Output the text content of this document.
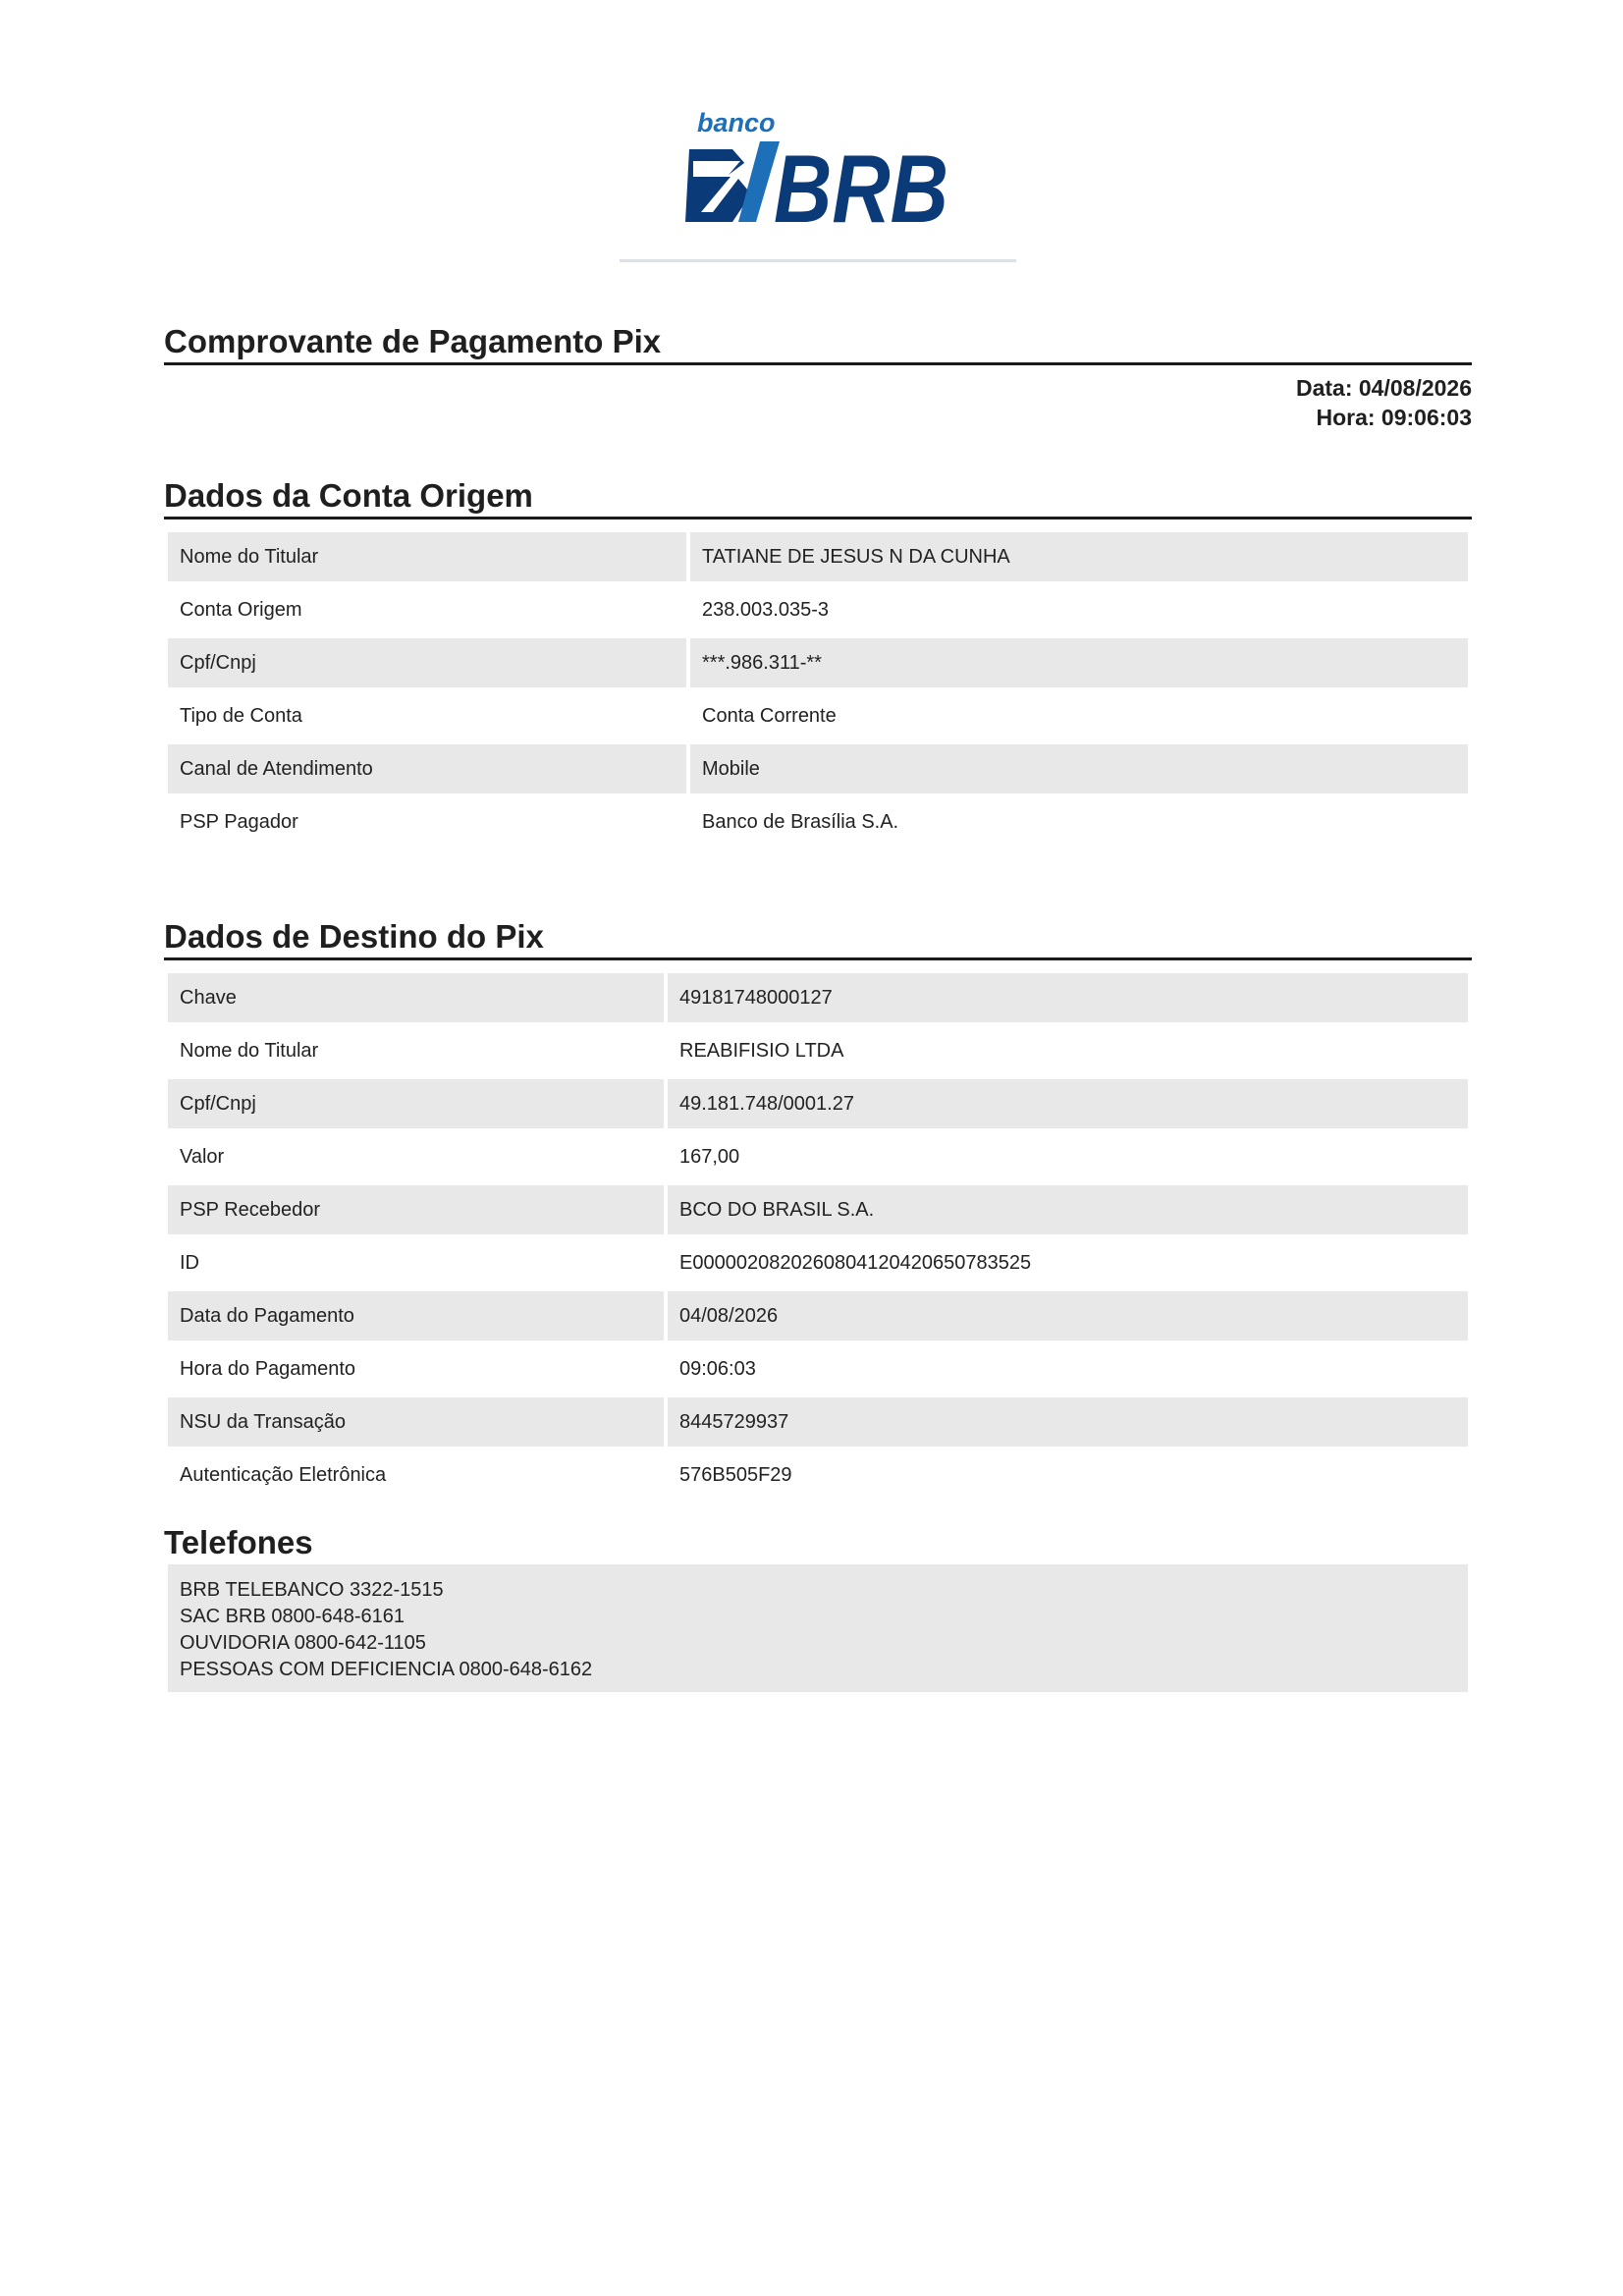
banco
BRB
Comprovante de Pagamento Pix
Data: 04/08/2026
Hora: 09:06:03
Dados da Conta Origem
Nome do Titular	TATIANE DE JESUS N DA CUNHA
Conta Origem	238.003.035-3
Cpf/Cnpj	***.986.311-**
Tipo de Conta	Conta Corrente
Canal de Atendimento	Mobile
PSP Pagador	Banco de Brasília S.A.
Dados de Destino do Pix
Chave	49181748000127
Nome do Titular	REABIFISIO LTDA
Cpf/Cnpj	49.181.748/0001.27
Valor	167,00
PSP Recebedor	BCO DO BRASIL S.A.
ID	E00000208202608041204206507835​25
Data do Pagamento	04/08/2026
Hora do Pagamento	09:06:03
NSU da Transação	8445729937
Autenticação Eletrônica	576B505F29
Telefones
BRB TELEBANCO 3322-1515
SAC BRB 0800-648-6161
OUVIDORIA 0800-642-1105
PESSOAS COM DEFICIENCIA 0800-648-6162
